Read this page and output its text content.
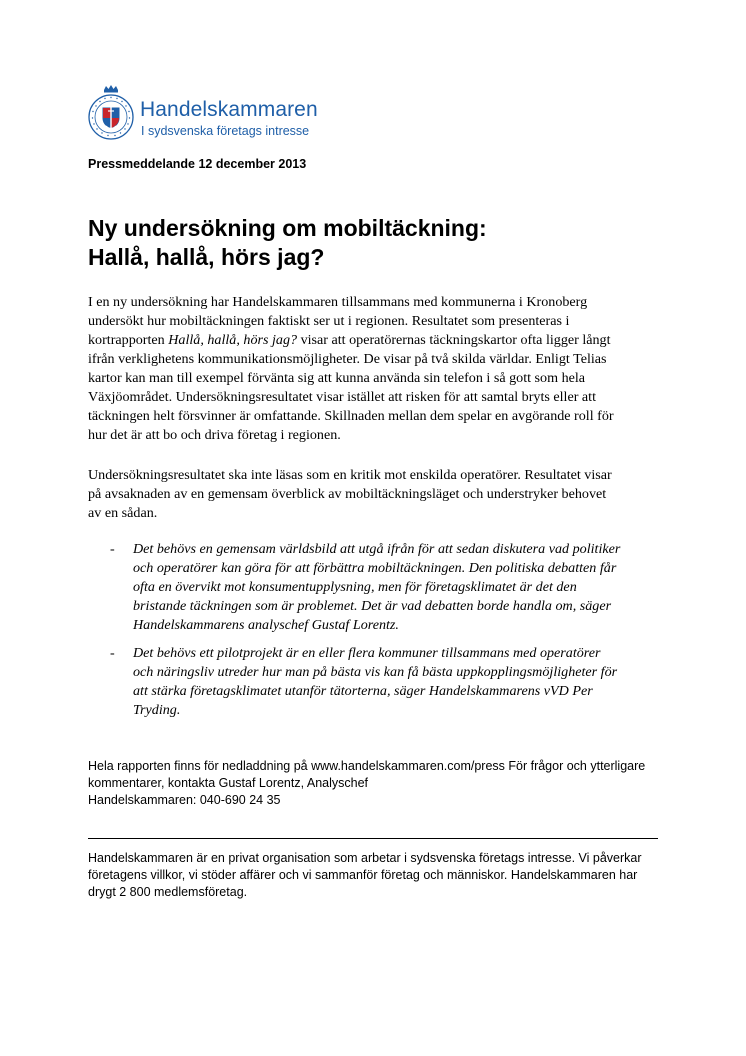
Handelskammaren
I sydsvenska företags intresse
Pressmeddelande 12 december 2013
Ny undersökning om mobiltäckning:
Hallå, hallå, hörs jag?
I en ny undersökning har Handelskammaren tillsammans med kommunerna i Kronoberg
undersökt hur mobiltäckningen faktiskt ser ut i regionen. Resultatet som presenteras i
kortrapporten Hallå, hallå, hörs jag? visar att operatörernas täckningskartor ofta ligger långt
ifrån verklighetens kommunikationsmöjligheter. De visar på två skilda världar. Enligt Telias
kartor kan man till exempel förvänta sig att kunna använda sin telefon i så gott som hela
Växjöområdet. Undersökningsresultatet visar istället att risken för att samtal bryts eller att
täckningen helt försvinner är omfattande. Skillnaden mellan dem spelar en avgörande roll för
hur det är att bo och driva företag i regionen.
Undersökningsresultatet ska inte läsas som en kritik mot enskilda operatörer. Resultatet visar
på avsaknaden av en gemensam överblick av mobiltäckningsläget och understryker behovet
av en sådan.
- Det behövs en gemensam världsbild att utgå ifrån för att sedan diskutera vad politiker
och operatörer kan göra för att förbättra mobiltäckningen. Den politiska debatten får
ofta en övervikt mot konsumentupplysning, men för företagsklimatet är det den
bristande täckningen som är problemet. Det är vad debatten borde handla om, säger
Handelskammarens analyschef Gustaf Lorentz.
- Det behövs ett pilotprojekt är en eller flera kommuner tillsammans med operatörer
och näringsliv utreder hur man på bästa vis kan få bästa uppkopplingsmöjligheter för
att stärka företagsklimatet utanför tätorterna, säger Handelskammarens vVD Per
Tryding.
Hela rapporten finns för nedladdning på www.handelskammaren.com/press För frågor och ytterligare
kommentarer, kontakta Gustaf Lorentz, Analyschef
Handelskammaren: 040-690 24 35
Handelskammaren är en privat organisation som arbetar i sydsvenska företags intresse. Vi påverkar
företagens villkor, vi stöder affärer och vi sammanför företag och människor. Handelskammaren har
drygt 2 800 medlemsföretag.
